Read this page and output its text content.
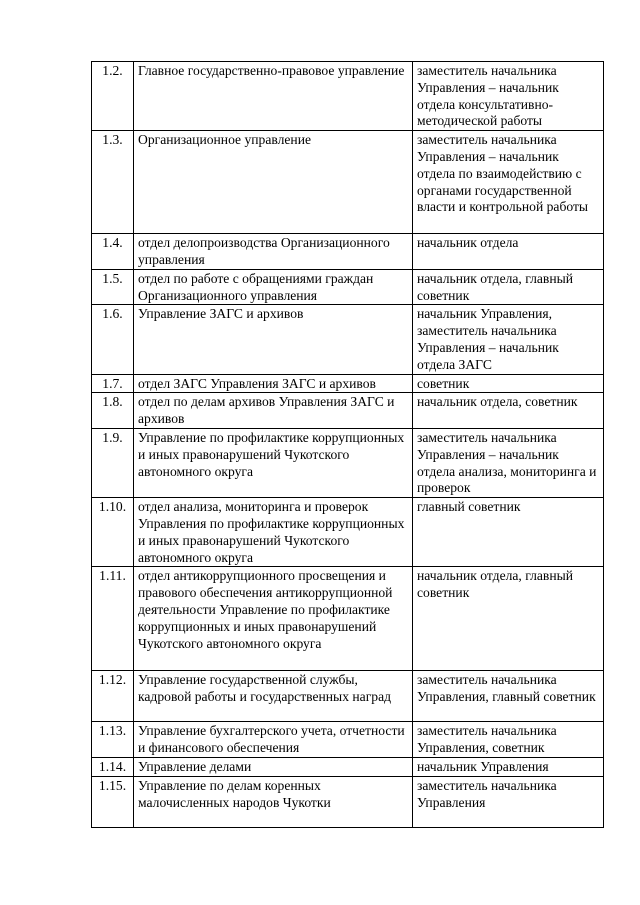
1.2.	Главное государственно-правовое управление	заместитель начальника Управления – начальник отдела консультативно-методической работы
1.3.	Организационное управление	заместитель начальника Управления – начальник отдела по взаимодействию с органами государственной власти и контрольной работы
1.4.	отдел делопроизводства Организационного управления	начальник отдела
1.5.	отдел по работе с обращениями граждан Организационного управления	начальник отдела, главный советник
1.6.	Управление ЗАГС и архивов	начальник Управления, заместитель начальника Управления – начальник отдела ЗАГС
1.7.	отдел ЗАГС Управления ЗАГС и архивов	советник
1.8.	отдел по делам архивов Управления ЗАГС и архивов	начальник отдела, советник
1.9.	Управление по профилактике коррупционных и иных правонарушений Чукотского автономного округа	заместитель начальника Управления – начальник отдела анализа, мониторинга и проверок
1.10.	отдел анализа, мониторинга и проверок Управления по профилактике коррупционных и иных правонарушений Чукотского автономного округа	главный советник
1.11.	отдел антикоррупционного просвещения и правового обеспечения антикоррупционной деятельности Управление по профилактике коррупционных и иных правонарушений Чукотского автономного округа	начальник отдела, главный советник
1.12.	Управление государственной службы, кадровой работы и государственных наград	заместитель начальника Управления, главный советник
1.13.	Управление бухгалтерского учета, отчетности и финансового обеспечения	заместитель начальника Управления, советник
1.14.	Управление делами	начальник Управления
1.15.	Управление по делам коренных малочисленных народов Чукотки	заместитель начальника Управления
